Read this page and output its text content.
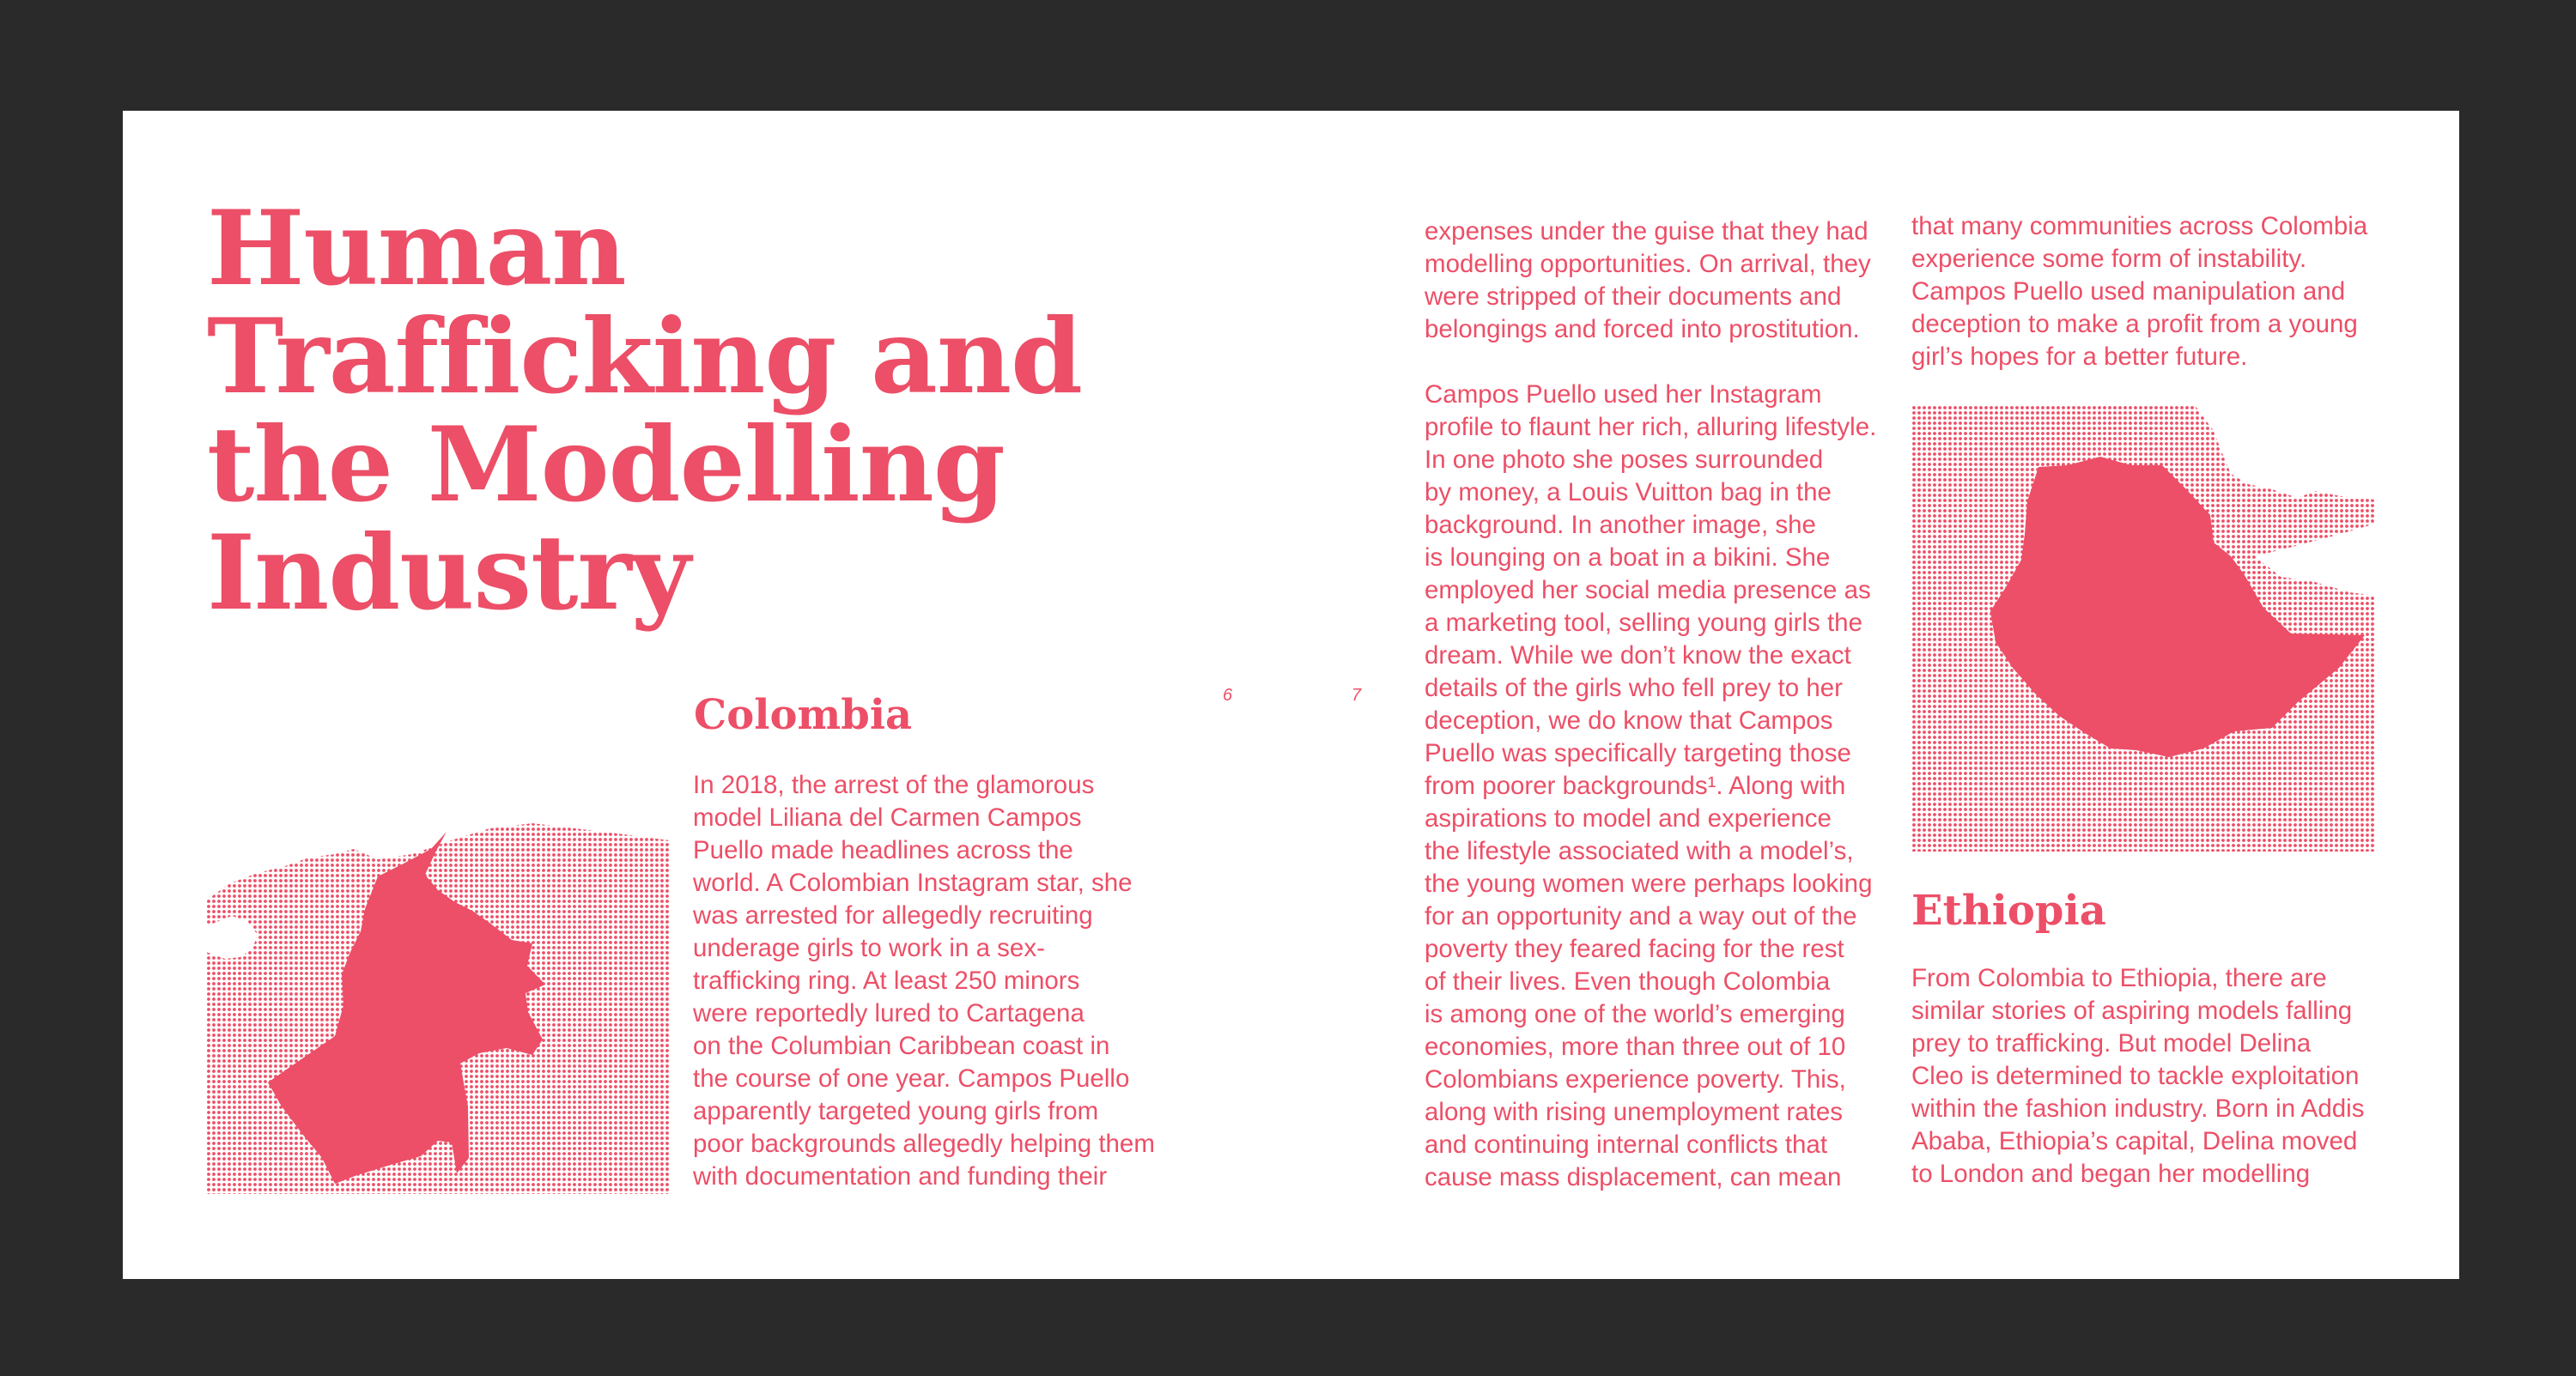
Human
Trafficking and
the Modelling
Industry
Colombia
In 2018, the arrest of the glamorous
model Liliana del Carmen Campos
Puello made headlines across the
world. A Colombian Instagram star, she
was arrested for allegedly recruiting
underage girls to work in a sex-
trafficking ring. At least 250 minors
were reportedly lured to Cartagena
on the Columbian Caribbean coast in
the course of one year. Campos Puello
apparently targeted young girls from
poor backgrounds allegedly helping them
with documentation and funding their
6	7
expenses under the guise that they had
modelling opportunities. On arrival, they
were stripped of their documents and
belongings and forced into prostitution.
Campos Puello used her Instagram
profile to flaunt her rich, alluring lifestyle.
In one photo she poses surrounded
by money, a Louis Vuitton bag in the
background. In another image, she
is lounging on a boat in a bikini. She
employed her social media presence as
a marketing tool, selling young girls the
dream. While we don’t know the exact
details of the girls who fell prey to her
deception, we do know that Campos
Puello was specifically targeting those
from poorer backgrounds¹. Along with
aspirations to model and experience
the lifestyle associated with a model’s,
the young women were perhaps looking
for an opportunity and a way out of the
poverty they feared facing for the rest
of their lives. Even though Colombia
is among one of the world’s emerging
economies, more than three out of 10
Colombians experience poverty. This,
along with rising unemployment rates
and continuing internal conflicts that
cause mass displacement, can mean
that many communities across Colombia
experience some form of instability.
Campos Puello used manipulation and
deception to make a profit from a young
girl’s hopes for a better future.
Ethiopia
From Colombia to Ethiopia, there are
similar stories of aspiring models falling
prey to trafficking. But model Delina
Cleo is determined to tackle exploitation
within the fashion industry. Born in Addis
Ababa, Ethiopia’s capital, Delina moved
to London and began her modelling
